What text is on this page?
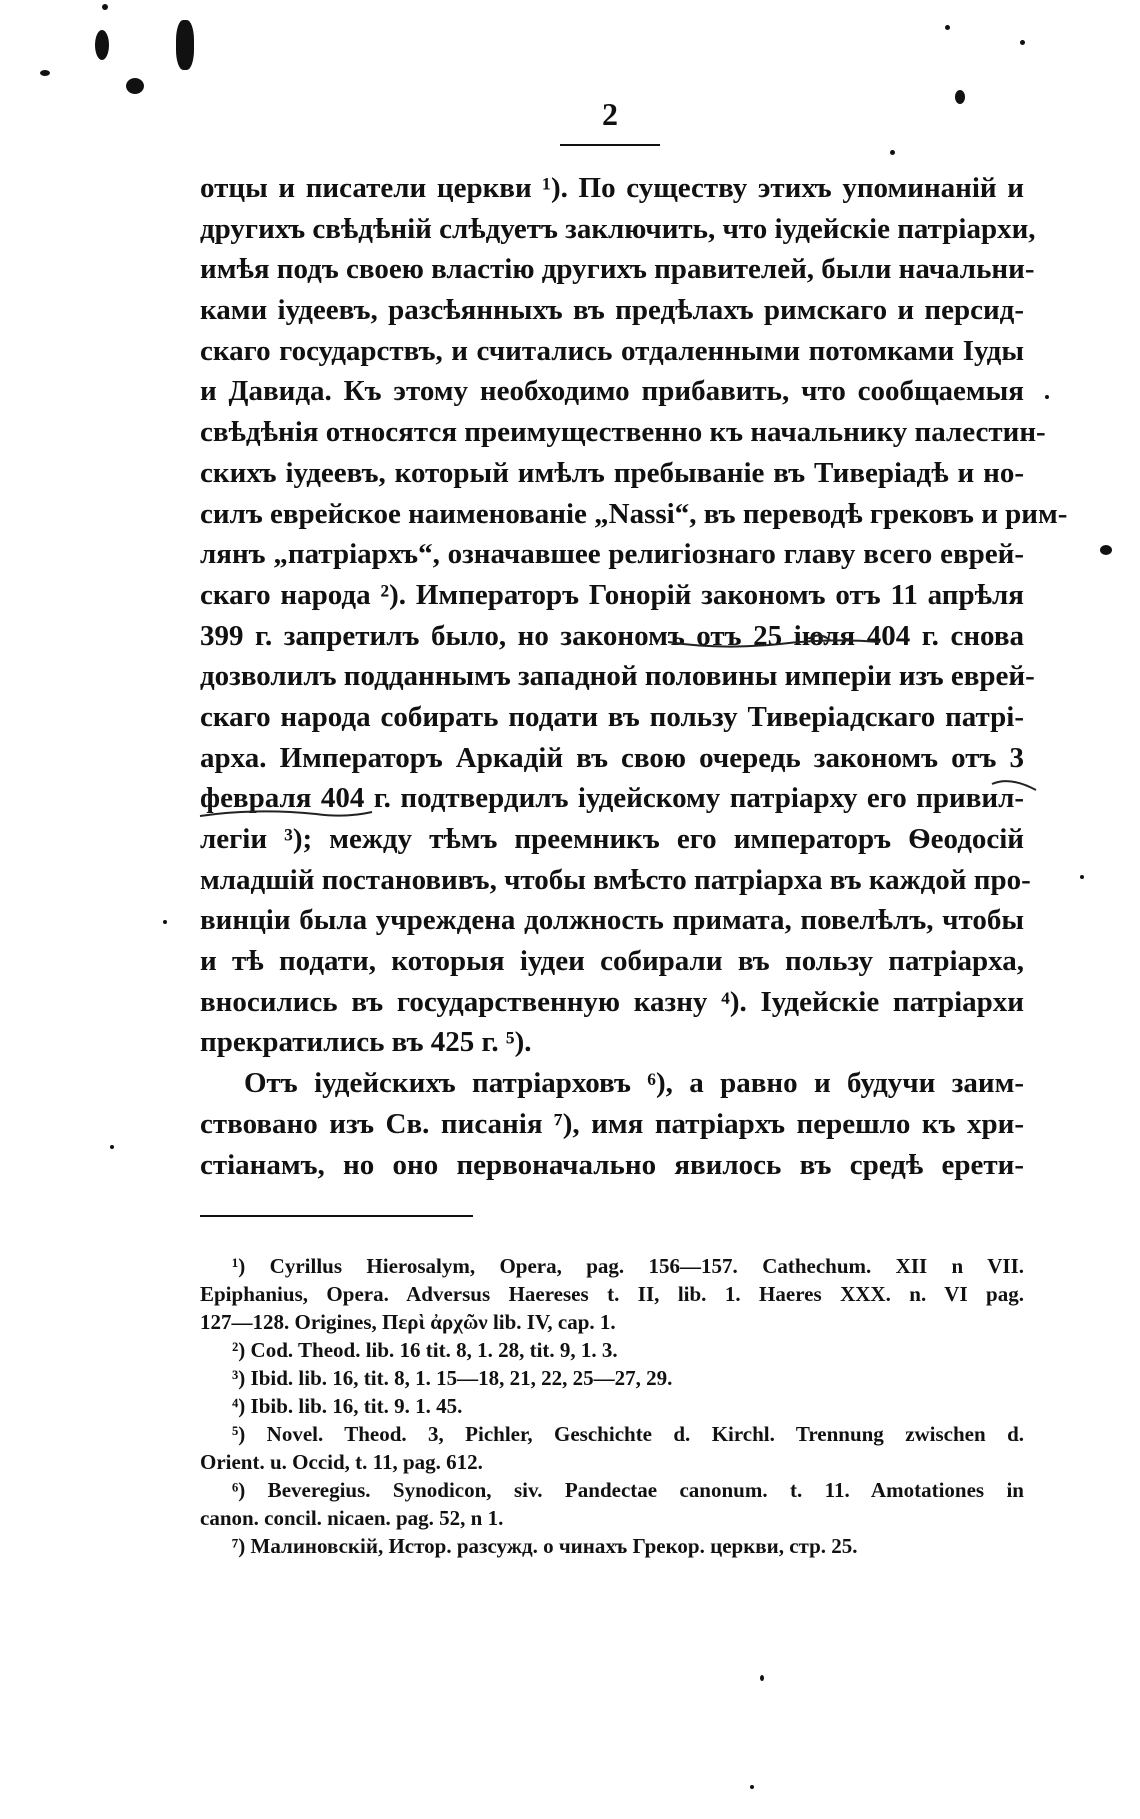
2
отцы и писатели церкви ¹). По существу этихъ упоминаній и
другихъ свѣдѣній слѣдуетъ заключить, что іудейскіе патріархи,
имѣя подъ своею властію другихъ правителей, были начальни-
ками іудеевъ, разсѣянныхъ въ предѣлахъ римскаго и персид-
скаго государствъ, и считались отдаленными потомками Іуды
и Давида. Къ этому необходимо прибавить, что сообщаемыя
свѣдѣнія относятся преимущественно къ начальнику палестин-
скихъ іудеевъ, который имѣлъ пребываніе въ Тиверіадѣ и но-
силъ еврейское наименованіе „Nassi“, въ переводѣ грековъ и рим-
лянъ „патріархъ“, означавшее религіознаго главу всего еврей-
скаго народа ²). Императоръ Гонорій закономъ отъ 11 апрѣля
399 г. запретилъ было, но закономъ отъ 25 іюля 404 г. снова
дозволилъ подданнымъ западной половины имперіи изъ еврей-
скаго народа собирать подати въ пользу Тиверіадскаго патрі-
арха. Императоръ Аркадій въ свою очередь закономъ отъ 3
февраля 404 г. подтвердилъ іудейскому патріарху его привил-
легіи ³); между тѣмъ преемникъ его императоръ Ѳеодосій
младшій постановивъ, чтобы вмѣсто патріарха въ каждой про-
винціи была учреждена должность примата, повелѣлъ, чтобы
и тѣ подати, которыя іудеи собирали въ пользу патріарха,
вносились въ государственную казну ⁴). Іудейскіе патріархи
прекратились въ 425 г. ⁵).
Отъ іудейскихъ патріарховъ ⁶), а равно и будучи заим-
ствовано изъ Св. писанія ⁷), имя патріархъ перешло къ хри-
стіанамъ, но оно первоначально явилось въ средѣ ерети-
¹) Cyrillus Hierosalym, Opera, pag. 156—157. Cathechum. XII n VII.
Epiphanius, Opera. Adversus Haereses t. II, lib. 1. Haeres XXX. n. VI pag.
127—128. Origines, Περὶ ἀρχῶν lib. IV, cap. 1.
²) Cod. Theod. lib. 16 tit. 8, 1. 28, tit. 9, 1. 3.
³) Ibid. lib. 16, tit. 8, 1. 15—18, 21, 22, 25—27, 29.
⁴) Ibib. lib. 16, tit. 9. 1. 45.
⁵) Novel. Theod. 3, Pichler, Geschichte d. Kirchl. Trennung zwischen d.
Orient. u. Occid, t. 11, pag. 612.
⁶) Beveregius. Synodicon, siv. Pandectae canonum. t. 11. Amotationes in
canon. concil. nicaen. pag. 52, n 1.
⁷) Малиновскій, Истор. разсужд. о чинахъ Грекор. церкви, стр. 25.
